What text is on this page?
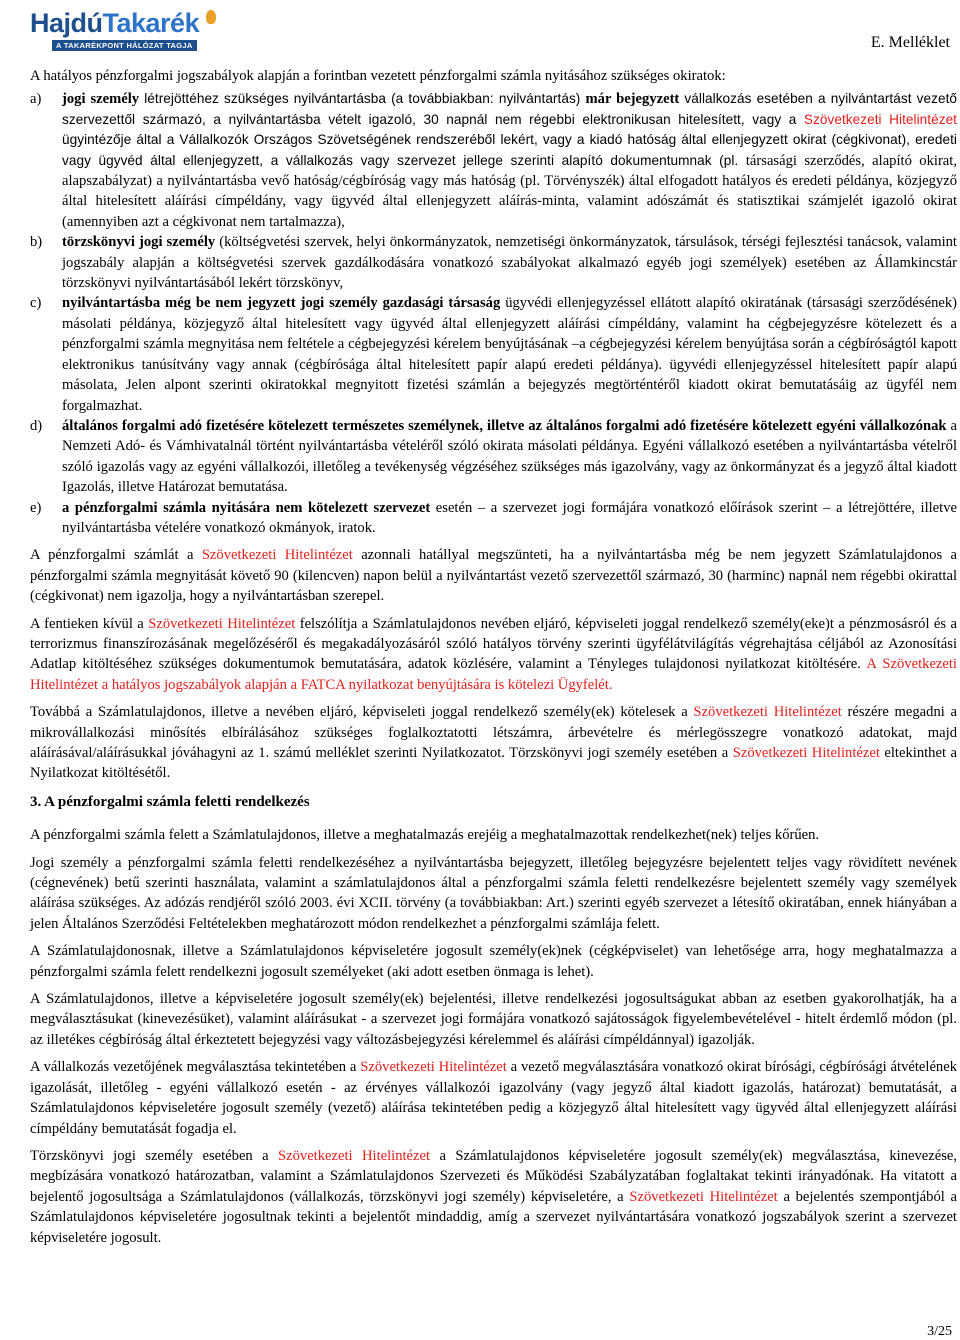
HajdúTakarék
A TAKARÉKPONT HÁLÓZAT TAGJA	E. Melléklet

A hatályos pénzforgalmi jogszabályok alapján a forintban vezetett pénzforgalmi számla nyitásához szükséges okiratok:

a) jogi személy létrejöttéhez szükséges nyilvántartásba (a továbbiakban: nyilvántartás) már bejegyzett vállalkozás esetében a nyilvántartást vezető szervezettől származó, a nyilvántartásba vételt igazoló, 30 napnál nem régebbi elektronikusan hitelesített, vagy a Szövetkezeti Hitelintézet ügyintézője által a Vállalkozók Országos Szövetségének rendszeréből lekért, vagy a kiadó hatóság által ellenjegyzett okirat (cégkivonat), eredeti vagy ügyvéd által ellenjegyzett, a vállalkozás vagy szervezet jellege szerinti alapító dokumentumnak (pl. társasági szerződés, alapító okirat, alapszabályzat) a nyilvántartásba vevő hatóság/cégbíróság vagy más hatóság (pl. Törvényszék) által elfogadott hatályos és eredeti példánya, közjegyző által hitelesített aláírási címpéldány, vagy ügyvéd által ellenjegyzett aláírás-minta, valamint adószámát és statisztikai számjelét igazoló okirat (amennyiben azt a cégkivonat nem tartalmazza),

b) törzskönyvi jogi személy (költségvetési szervek, helyi önkormányzatok, nemzetiségi önkormányzatok, társulások, térségi fejlesztési tanácsok, valamint jogszabály alapján a költségvetési szervek gazdálkodására vonatkozó szabályokat alkalmazó egyéb jogi személyek) esetében az Államkincstár törzskönyvi nyilvántartásából lekért törzskönyv,

c) nyilvántartásba még be nem jegyzett jogi személy gazdasági társaság ügyvédi ellenjegyzéssel ellátott alapító okiratának (társasági szerződésének) másolati példánya, közjegyző által hitelesített vagy ügyvéd által ellenjegyzett aláírási címpéldány, valamint ha cégbejegyzésre kötelezett és a pénzforgalmi számla megnyitása nem feltétele a cégbejegyzési kérelem benyújtásának –a cégbejegyzési kérelem benyújtása során a cégbíróságtól kapott elektronikus tanúsítvány vagy annak (cégbírósága által hitelesített papír alapú eredeti példánya). ügyvédi ellenjegyzéssel hitelesített papír alapú másolata, Jelen alpont szerinti okiratokkal megnyitott fizetési számlán a bejegyzés megtörténtéről kiadott okirat bemutatásáig az ügyfél nem forgalmazhat.

d) általános forgalmi adó fizetésére kötelezett természetes személynek, illetve az általános forgalmi adó fizetésére kötelezett egyéni vállalkozónak a Nemzeti Adó- és Vámhivatalnál történt nyilvántartásba vételéről szóló okirata másolati példánya. Egyéni vállalkozó esetében a nyilvántartásba vételről szóló igazolás vagy az egyéni vállalkozói, illetőleg a tevékenység végzéséhez szükséges más igazolvány, vagy az önkormányzat és a jegyző által kiadott Igazolás, illetve Határozat bemutatása.

e) a pénzforgalmi számla nyitására nem kötelezett szervezet esetén – a szervezet jogi formájára vonatkozó előírások szerint – a létrejöttére, illetve nyilvántartásba vételére vonatkozó okmányok, iratok.

A pénzforgalmi számlát a Szövetkezeti Hitelintézet azonnali hatállyal megszünteti, ha a nyilvántartásba még be nem jegyzett Számlatulajdonos a pénzforgalmi számla megnyitását követő 90 (kilencven) napon belül a nyilvántartást vezető szervezettől származó, 30 (harminc) napnál nem régebbi okirattal (cégkivonat) nem igazolja, hogy a nyilvántartásban szerepel.

A fentieken kívül a Szövetkezeti Hitelintézet felszólítja a Számlatulajdonos nevében eljáró, képviseleti joggal rendelkező személy(eke)t a pénzmosásról és a terrorizmus finanszírozásának megelőzéséről és megakadályozásáról szóló hatályos törvény szerinti ügyfélátvilágítás végrehajtása céljából az Azonosítási Adatlap kitöltéséhez szükséges dokumentumok bemutatására, adatok közlésére, valamint a Tényleges tulajdonosi nyilatkozat kitöltésére. A Szövetkezeti Hitelintézet a hatályos jogszabályok alapján a FATCA nyilatkozat benyújtására is kötelezi Ügyfelét.

Továbbá a Számlatulajdonos, illetve a nevében eljáró, képviseleti joggal rendelkező személy(ek) kötelesek a Szövetkezeti Hitelintézet részére megadni a mikrovállalkozási minősítés elbírálásához szükséges foglalkoztatotti létszámra, árbevételre és mérlegösszegre vonatkozó adatokat, majd aláírásával/aláírásukkal jóváhagyni az 1. számú melléklet szerinti Nyilatkozatot. Törzskönyvi jogi személy esetében a Szövetkezeti Hitelintézet eltekinthet a Nyilatkozat kitöltésétől.

3. A pénzforgalmi számla feletti rendelkezés

A pénzforgalmi számla felett a Számlatulajdonos, illetve a meghatalmazás erejéig a meghatalmazottak rendelkezhet(nek) teljes kőrűen.

Jogi személy a pénzforgalmi számla feletti rendelkezéséhez a nyilvántartásba bejegyzett, illetőleg bejegyzésre bejelentett teljes vagy rövidített nevének (cégnevének) betű szerinti használata, valamint a számlatulajdonos által a pénzforgalmi számla feletti rendelkezésre bejelentett személy vagy személyek aláírása szükséges. Az adózás rendjéről szóló 2003. évi XCII. törvény (a továbbiakban: Art.) szerinti egyéb szervezet a létesítő okiratában, ennek hiányában a jelen Általános Szerződési Feltételekben meghatározott módon rendelkezhet a pénzforgalmi számlája felett.

A Számlatulajdonosnak, illetve a Számlatulajdonos képviseletére jogosult személy(ek)nek (cégképviselet) van lehetősége arra, hogy meghatalmazza a pénzforgalmi számla felett rendelkezni jogosult személyeket (aki adott esetben önmaga is lehet).

A Számlatulajdonos, illetve a képviseletére jogosult személy(ek) bejelentési, illetve rendelkezési jogosultságukat abban az esetben gyakorolhatják, ha a megválasztásukat (kinevezésüket), valamint aláírásukat - a szervezet jogi formájára vonatkozó sajátosságok figyelembevételével - hitelt érdemlő módon (pl. az illetékes cégbíróság által érkeztetett bejegyzési vagy változásbejegyzési kérelemmel és aláírási címpéldánnyal) igazolják.

A vállalkozás vezetőjének megválasztása tekintetében a Szövetkezeti Hitelintézet a vezető megválasztására vonatkozó okirat bírósági, cégbírósági átvételének igazolását, illetőleg - egyéni vállalkozó esetén - az érvényes vállalkozói igazolvány (vagy jegyző által kiadott igazolás, határozat) bemutatását, a Számlatulajdonos képviseletére jogosult személy (vezető) aláírása tekintetében pedig a közjegyző által hitelesített vagy ügyvéd által ellenjegyzett aláírási címpéldány bemutatását fogadja el.

Törzskönyvi jogi személy esetében a Szövetkezeti Hitelintézet a Számlatulajdonos képviseletére jogosult személy(ek) megválasztása, kinevezése, megbízására vonatkozó határozatban, valamint a Számlatulajdonos Szervezeti és Működési Szabályzatában foglaltakat tekinti irányadónak. Ha vitatott a bejelentő jogosultsága a Számlatulajdonos (vállalkozás, törzskönyvi jogi személy) képviseletére, a Szövetkezeti Hitelintézet a bejelentés szempontjából a Számlatulajdonos képviseletére jogosultnak tekinti a bejelentőt mindaddig, amíg a szervezet nyilvántartására vonatkozó jogszabályok szerint a szervezet képviseletére jogosult.

3/25
